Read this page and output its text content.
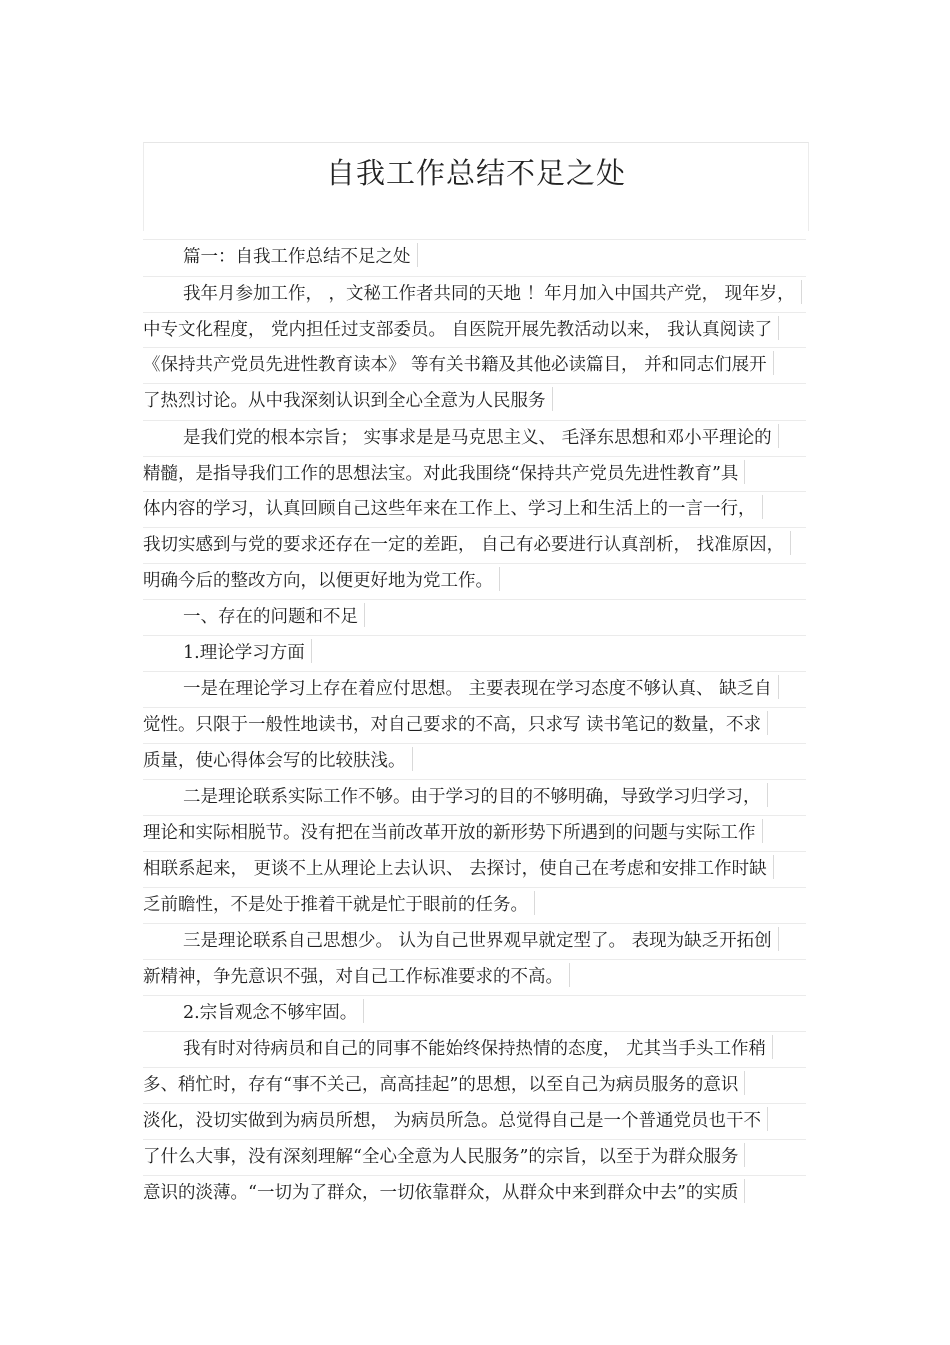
自我工作总结不足之处
篇一：自我工作总结不足之处
我年月参加工作， ，文秘工作者共同的天地 ！年月加入中国共产党， 现年岁，
中专文化程度， 党内担任过支部委员。 自医院开展先教活动以来， 我认真阅读了
《保持共产党员先进性教育读本》 等有关书籍及其他必读篇目， 并和同志们展开
了热烈讨论。从中我深刻认识到全心全意为人民服务
是我们党的根本宗旨； 实事求是是马克思主义、 毛泽东思想和邓小平理论的
精髓，是指导我们工作的思想法宝。对此我围绕“保持共产党员先进性教育”具
体内容的学习，认真回顾自己这些年来在工作上、学习上和生活上的一言一行，
我切实感到与党的要求还存在一定的差距， 自己有必要进行认真剖析， 找准原因，
明确今后的整改方向，以便更好地为党工作。
一、存在的问题和不足
1.理论学习方面
一是在理论学习上存在着应付思想。 主要表现在学习态度不够认真、 缺乏自
觉性。只限于一般性地读书，对自己要求的不高，只求写 读书笔记的数量，不求
质量，使心得体会写的比较肤浅。
二是理论联系实际工作不够。由于学习的目的不够明确，导致学习归学习，
理论和实际相脱节。没有把在当前改革开放的新形势下所遇到的问题与实际工作
相联系起来， 更谈不上从理论上去认识、 去探讨，使自己在考虑和安排工作时缺
乏前瞻性，不是处于推着干就是忙于眼前的任务。
三是理论联系自己思想少。 认为自己世界观早就定型了。 表现为缺乏开拓创
新精神，争先意识不强，对自己工作标准要求的不高。
2.宗旨观念不够牢固。
我有时对待病员和自己的同事不能始终保持热情的态度， 尤其当手头工作稍
多、稍忙时，存有“事不关己，高高挂起”的思想，以至自己为病员服务的意识
淡化，没切实做到为病员所想， 为病员所急。总觉得自己是一个普通党员也干不
了什么大事，没有深刻理解“全心全意为人民服务”的宗旨，以至于为群众服务
意识的淡薄。“一切为了群众，一切依靠群众，从群众中来到群众中去”的实质
